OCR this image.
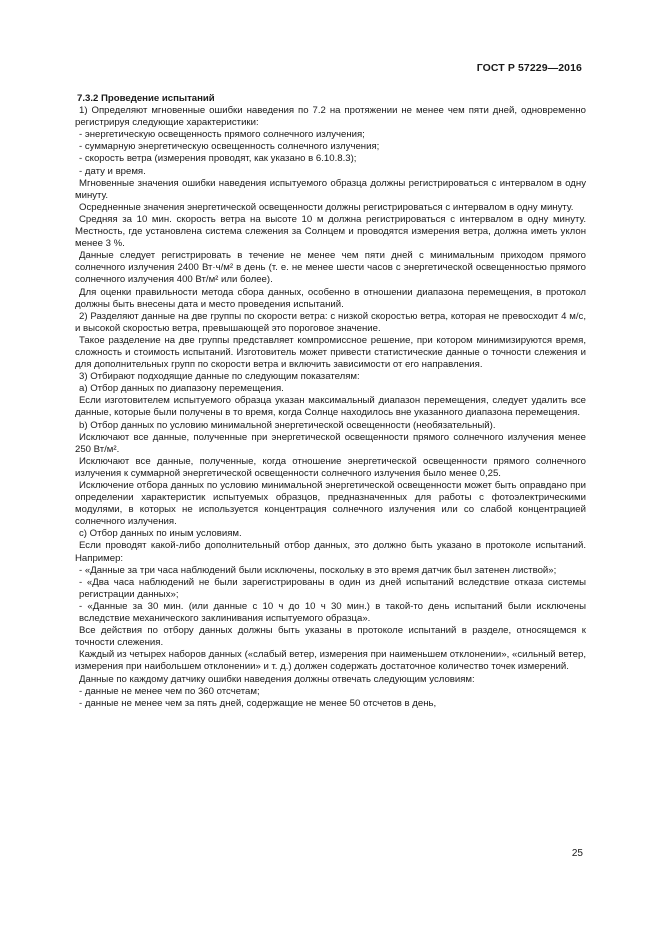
ГОСТ Р 57229—2016

7.3.2 Проведение испытаний

1) Определяют мгновенные ошибки наведения по 7.2 на протяжении не менее чем пяти дней, одновременно регистрируя следующие характеристики:

- энергетическую освещенность прямого солнечного излучения;

- суммарную энергетическую освещенность солнечного излучения;

- скорость ветра (измерения проводят, как указано в 6.10.8.3);

- дату и время.

Мгновенные значения ошибки наведения испытуемого образца должны регистрироваться с интервалом в одну минуту.

Осредненные значения энергетической освещенности должны регистрироваться с интервалом в одну минуту.

Средняя за 10 мин. скорость ветра на высоте 10 м должна регистрироваться с интервалом в одну минуту. Местность, где установлена система слежения за Солнцем и проводятся измерения ветра, должна иметь уклон менее 3 %.

Данные следует регистрировать в течение не менее чем пяти дней с минимальным приходом прямого солнечного излучения 2400 Вт·ч/м² в день (т. е. не менее шести часов с энергетической освещенностью прямого солнечного излучения 400 Вт/м² или более).

Для оценки правильности метода сбора данных, особенно в отношении диапазона перемещения, в протокол должны быть внесены дата и место проведения испытаний.

2) Разделяют данные на две группы по скорости ветра: с низкой скоростью ветра, которая не превосходит 4 м/с, и высокой скоростью ветра, превышающей это пороговое значение.

Такое разделение на две группы представляет компромиссное решение, при котором минимизируются время, сложность и стоимость испытаний. Изготовитель может привести статистические данные о точности слежения и для дополнительных групп по скорости ветра и включить зависимости от его направления.

3) Отбирают подходящие данные по следующим показателям:

а) Отбор данных по диапазону перемещения.

Если изготовителем испытуемого образца указан максимальный диапазон перемещения, следует удалить все данные, которые были получены в то время, когда Солнце находилось вне указанного диапазона перемещения.

b) Отбор данных по условию минимальной энергетической освещенности (необязательный).

Исключают все данные, полученные при энергетической освещенности прямого солнечного излучения менее 250 Вт/м².

Исключают все данные, полученные, когда отношение энергетической освещенности прямого солнечного излучения к суммарной энергетической освещенности солнечного излучения было менее 0,25.

Исключение отбора данных по условию минимальной энергетической освещенности может быть оправдано при определении характеристик испытуемых образцов, предназначенных для работы с фотоэлектрическими модулями, в которых не используется концентрация солнечного излучения или со слабой концентрацией солнечного излучения.

с) Отбор данных по иным условиям.

Если проводят какой-либо дополнительный отбор данных, это должно быть указано в протоколе испытаний. Например:

- «Данные за три часа наблюдений были исключены, поскольку в это время датчик был затенен листвой»;

- «Два часа наблюдений не были зарегистрированы в один из дней испытаний вследствие отказа системы регистрации данных»;

- «Данные за 30 мин. (или данные с 10 ч до 10 ч 30 мин.) в такой-то день испытаний были исключены вследствие механического заклинивания испытуемого образца».

Все действия по отбору данных должны быть указаны в протоколе испытаний в разделе, относящемся к точности слежения.

Каждый из четырех наборов данных («слабый ветер, измерения при наименьшем отклонении», «сильный ветер, измерения при наибольшем отклонении» и т. д.) должен содержать достаточное количество точек измерений.

Данные по каждому датчику ошибки наведения должны отвечать следующим условиям:

- данные не менее чем по 360 отсчетам;

- данные не менее чем за пять дней, содержащие не менее 50 отсчетов в день,

25
